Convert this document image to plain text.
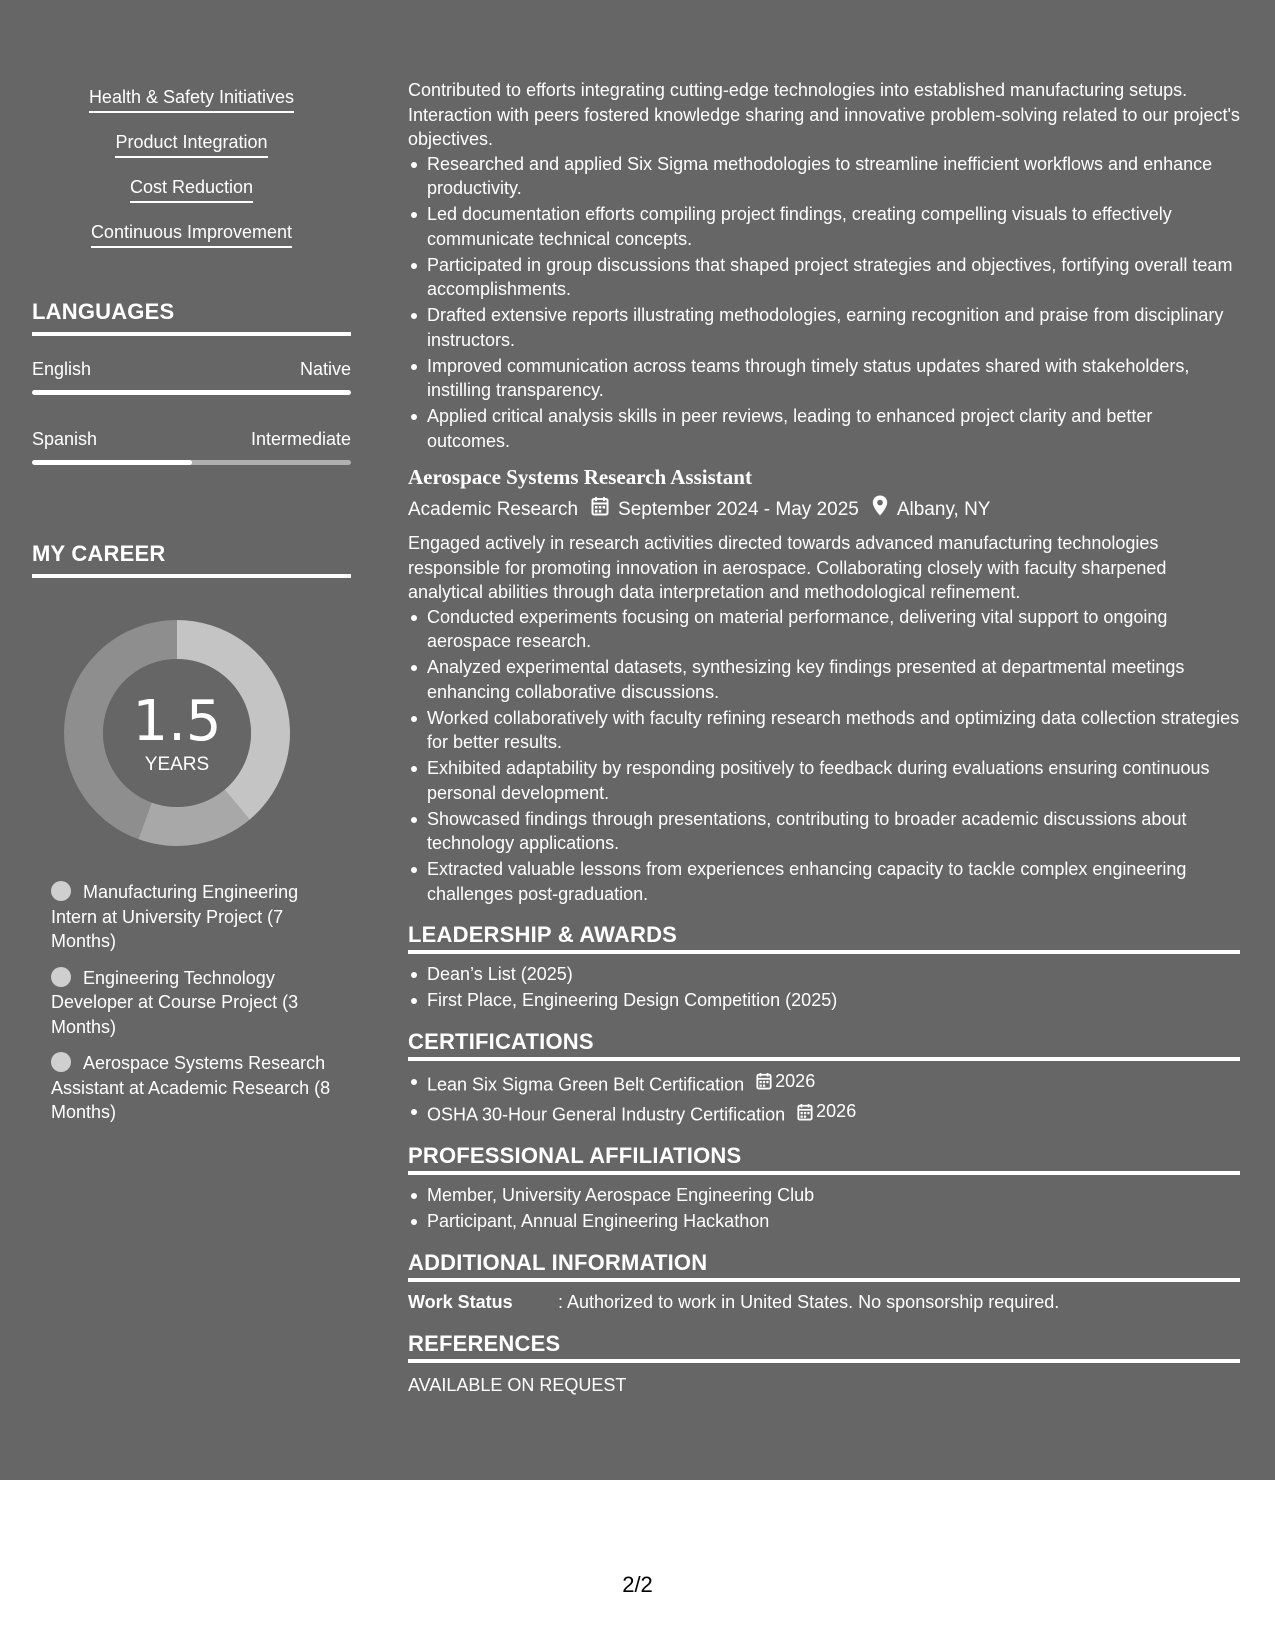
Health & Safety Initiatives
Product Integration
Cost Reduction
Continuous Improvement
LANGUAGES
English	Native
Spanish	Intermediate
MY CAREER
1.5
YEARS
Manufacturing Engineering Intern at University Project (7 Months)
Engineering Technology Developer at Course Project (3 Months)
Aerospace Systems Research Assistant at Academic Research (8 Months)

Contributed to efforts integrating cutting-edge technologies into established manufacturing setups. Interaction with peers fostered knowledge sharing and innovative problem-solving related to our project's objectives.

Researched and applied Six Sigma methodologies to streamline inefficient workflows and enhance productivity.
Led documentation efforts compiling project findings, creating compelling visuals to effectively communicate technical concepts.
Participated in group discussions that shaped project strategies and objectives, fortifying overall team accomplishments.
Drafted extensive reports illustrating methodologies, earning recognition and praise from disciplinary instructors.
Improved communication across teams through timely status updates shared with stakeholders, instilling transparency.
Applied critical analysis skills in peer reviews, leading to enhanced project clarity and better outcomes.
Aerospace Systems Research Assistant
Academic Research September 2024 - May 2025 Albany, NY

Engaged actively in research activities directed towards advanced manufacturing technologies responsible for promoting innovation in aerospace. Collaborating closely with faculty sharpened analytical abilities through data interpretation and methodological refinement.

Conducted experiments focusing on material performance, delivering vital support to ongoing aerospace research.
Analyzed experimental datasets, synthesizing key findings presented at departmental meetings enhancing collaborative discussions.
Worked collaboratively with faculty refining research methods and optimizing data collection strategies for better results.
Exhibited adaptability by responding positively to feedback during evaluations ensuring continuous personal development.
Showcased findings through presentations, contributing to broader academic discussions about technology applications.
Extracted valuable lessons from experiences enhancing capacity to tackle complex engineering challenges post-graduation.
LEADERSHIP & AWARDS
Dean’s List (2025)
First Place, Engineering Design Competition (2025)
CERTIFICATIONS
Lean Six Sigma Green Belt Certification 2026
OSHA 30-Hour General Industry Certification 2026
PROFESSIONAL AFFILIATIONS
Member, University Aerospace Engineering Club
Participant, Annual Engineering Hackathon
ADDITIONAL INFORMATION
Work Status	: Authorized to work in United States. No sponsorship required.
REFERENCES
AVAILABLE ON REQUEST
2/2
